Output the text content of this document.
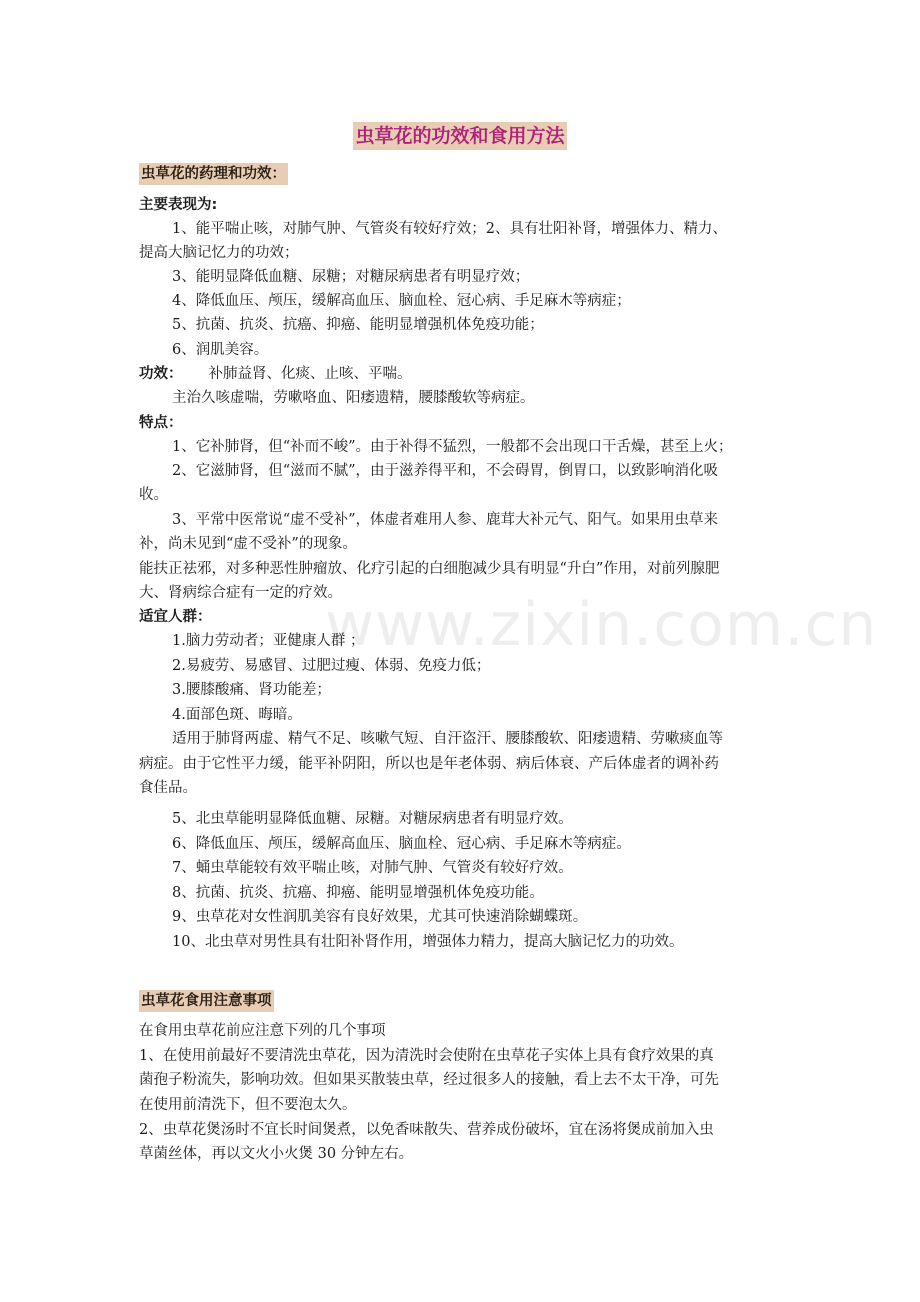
www.zixin.com.cn
虫草花的功效和食用方法
虫草花的药理和功效：
主要表现为:
1、能平喘止咳，对肺气肿、气管炎有较好疗效；2、具有壮阳补肾，增强体力、精力、
提高大脑记忆力的功效；
3、能明显降低血糖、尿糖；对糖尿病患者有明显疗效；
4、降低血压、颅压，缓解高血压、脑血栓、冠心病、手足麻木等病症；
5、抗菌、抗炎、抗癌、抑癌、能明显增强机体免疫功能；
6、润肌美容。
功效： 补肺益肾、化痰、止咳、平喘。
主治久咳虚喘，劳嗽咯血、阳痿遗精，腰膝酸软等病症。
特点：
1、它补肺肾，但“补而不峻”。由于补得不猛烈，一般都不会出现口干舌燥，甚至上火；
2、它滋肺肾，但“滋而不腻”，由于滋养得平和，不会碍胃，倒胃口，以致影响消化吸
收。
3、平常中医常说“虚不受补”，体虚者难用人参、鹿茸大补元气、阳气。如果用虫草来
补，尚未见到“虚不受补”的现象。
能扶正祛邪，对多种恶性肿瘤放、化疗引起的白细胞减少具有明显“升白”作用，对前列腺肥
大、肾病综合症有一定的疗效。
适宜人群：
1.脑力劳动者；亚健康人群 ；
2.易疲劳、易感冒、过肥过瘦、体弱、免疫力低；
3.腰膝酸痛、肾功能差；
4.面部色斑、晦暗。
适用于肺肾两虚、精气不足、咳嗽气短、自汗盗汗、腰膝酸软、阳痿遗精、劳嗽痰血等
病症。由于它性平力缓，能平补阴阳，所以也是年老体弱、病后体衰、产后体虚者的调补药
食佳品。
5、北虫草能明显降低血糖、尿糖。对糖尿病患者有明显疗效。
6、降低血压、颅压，缓解高血压、脑血栓、冠心病、手足麻木等病症。
7、蛹虫草能较有效平喘止咳，对肺气肿、气管炎有较好疗效。
8、抗菌、抗炎、抗癌、抑癌、能明显增强机体免疫功能。
9、虫草花对女性润肌美容有良好效果，尤其可快速消除蝴蝶斑。
10、北虫草对男性具有壮阳补肾作用，增强体力精力，提高大脑记忆力的功效。
虫草花食用注意事项
在食用虫草花前应注意下列的几个事项
1、在使用前最好不要清洗虫草花，因为清洗时会使附在虫草花子实体上具有食疗效果的真
菌孢子粉流失，影响功效。但如果买散装虫草，经过很多人的接触，看上去不太干净，可先
在使用前清洗下，但不要泡太久。
2、虫草花煲汤时不宜长时间煲煮，以免香味散失、营养成份破坏，宜在汤将煲成前加入虫
草菌丝体，再以文火小火煲 30 分钟左右。
